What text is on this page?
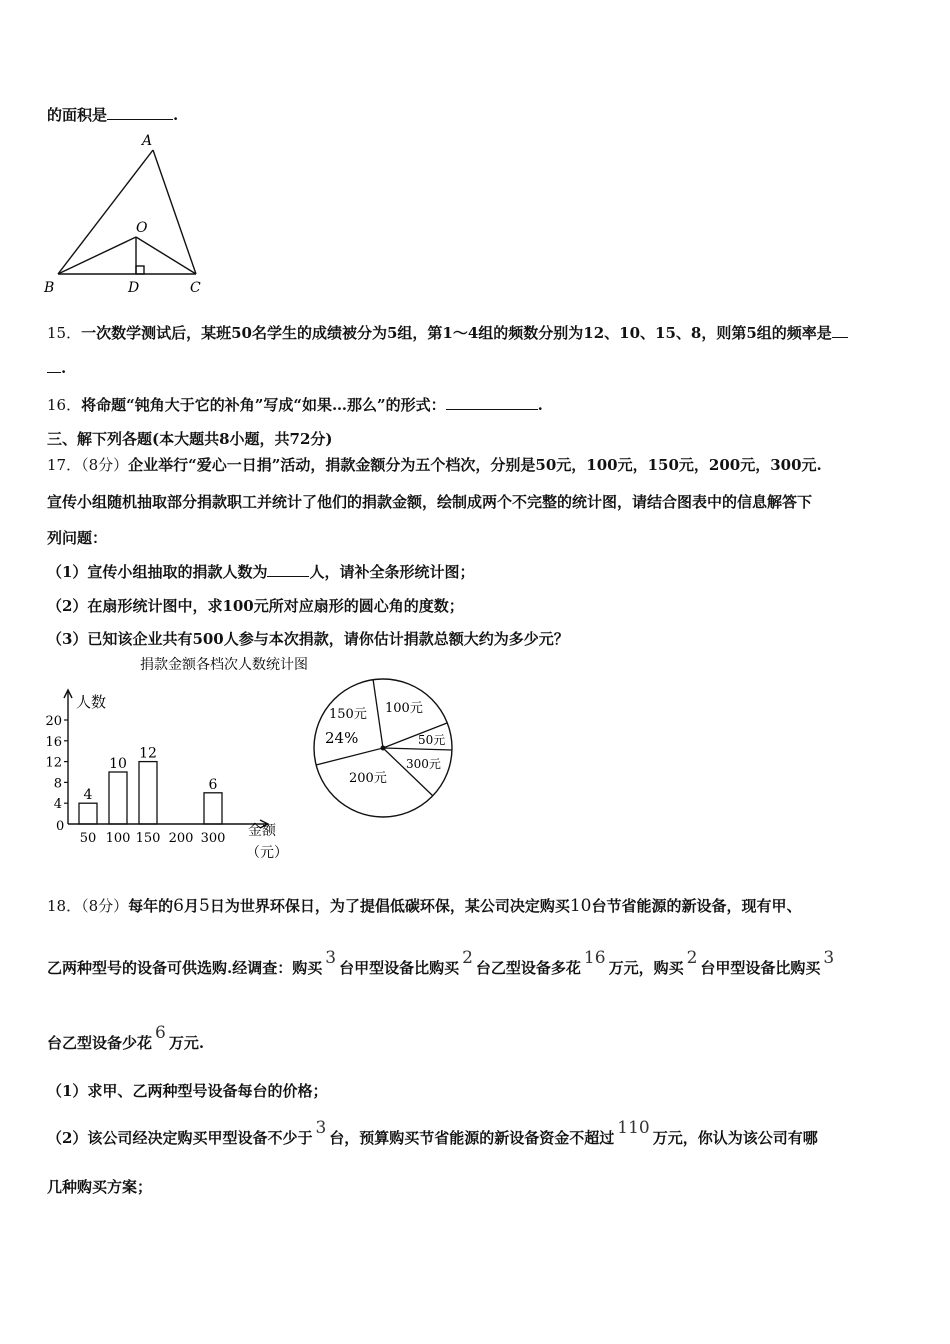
的面积是	.
A
O
B	D	C
15．一次数学测试后，某班50名学生的成绩被分为5组，第1～4组的频数分别为12、10、15、8，则第5组的频率是
.
16．将命题“钝角大于它的补角”写成“如果…那么”的形式：	.
三、解下列各题(本大题共8小题，共72分)
17．（8分）企业举行“爱心一日捐”活动，捐款金额分为五个档次，分别是50元，100元，150元，200元，300元.
宣传小组随机抽取部分捐款职工并统计了他们的捐款金额，绘制成两个不完整的统计图，请结合图表中的信息解答下
列问题：
（1）宣传小组抽取的捐款人数为	人，请补全条形统计图；
（2）在扇形统计图中，求100元所对应扇形的圆心角的度数；
（3）已知该企业共有500人参与本次捐款，请你估计捐款总额大约为多少元？
捐款金额各档次人数统计图
4
8
12
16
20
4
10
12
6
50 100 150 200 300
人数
0	金额
（元）
100元
50元
300元
200元
150元
24%
18．（8分）每年的6月5日为世界环保日，为了提倡低碳环保，某公司决定购买10台节省能源的新设备，现有甲、
乙两种型号的设备可供选购.经调查：购买 3 台甲型设备比购买 2 台乙型设备多花 16 万元，购买 2 台甲型设备比购买 3
台乙型设备少花 6 万元.
（1）求甲、乙两种型号设备每台的价格；
（2）该公司经决定购买甲型设备不少于 3 台，预算购买节省能源的新设备资金不超过 110 万元，你认为该公司有哪
几种购买方案；
